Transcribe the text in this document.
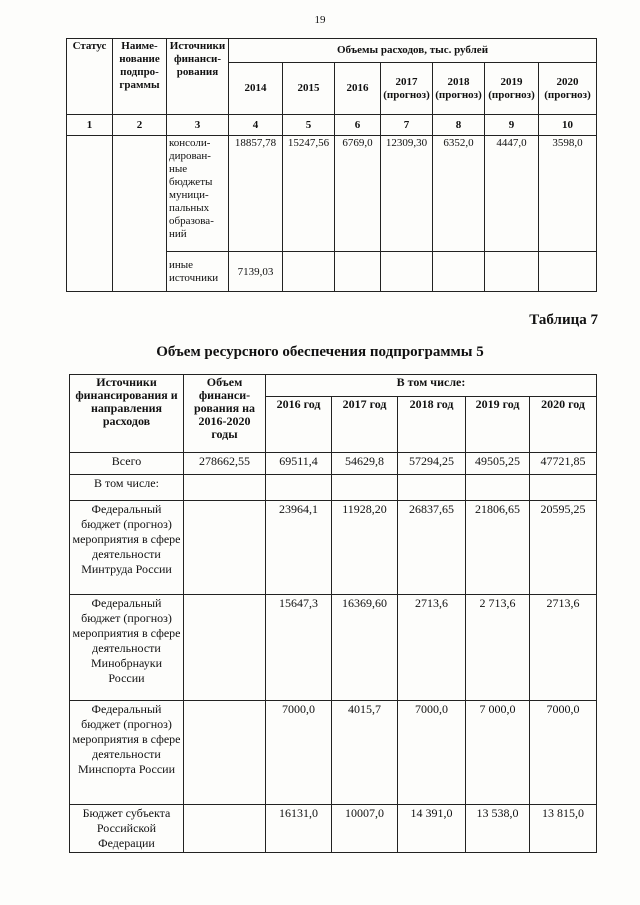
19
Статус	Наиме-нование подпро-граммы	Источники финанси-рования	Объемы расходов, тыс. рублей						
			2014	2015	2016	2017 (прогноз)	2018 (прогноз)	2019 (прогноз)	2020 (прогноз)
1	2	3	4	5	6	7	8	9	10
		консоли-дирован-ные бюджеты муници-пальных образова-ний	18857,78	15247,56	6769,0	12309,30	6352,0	4447,0	3598,0
		иные источники	7139,03						
Таблица 7
Объем ресурсного обеспечения подпрограммы 5
Источники финансирования и направления расходов	Объем финанси-рования на 2016-2020 годы	В том числе:				
		2016 год	2017 год	2018 год	2019 год	2020 год
Всего	278662,55	69511,4	54629,8	57294,25	49505,25	47721,85
В том числе:						
Федеральный бюджет (прогноз) мероприятия в сфере деятельности Минтруда России		23964,1	11928,20	26837,65	21806,65	20595,25
Федеральный бюджет (прогноз) мероприятия в сфере деятельности Минобрнауки России		15647,3	16369,60	2713,6	2 713,6	2713,6
Федеральный бюджет (прогноз) мероприятия в сфере деятельности Минспорта России		7000,0	4015,7	7000,0	7 000,0	7000,0
Бюджет субъекта Российской Федерации		16131,0	10007,0	14 391,0	13 538,0	13 815,0
